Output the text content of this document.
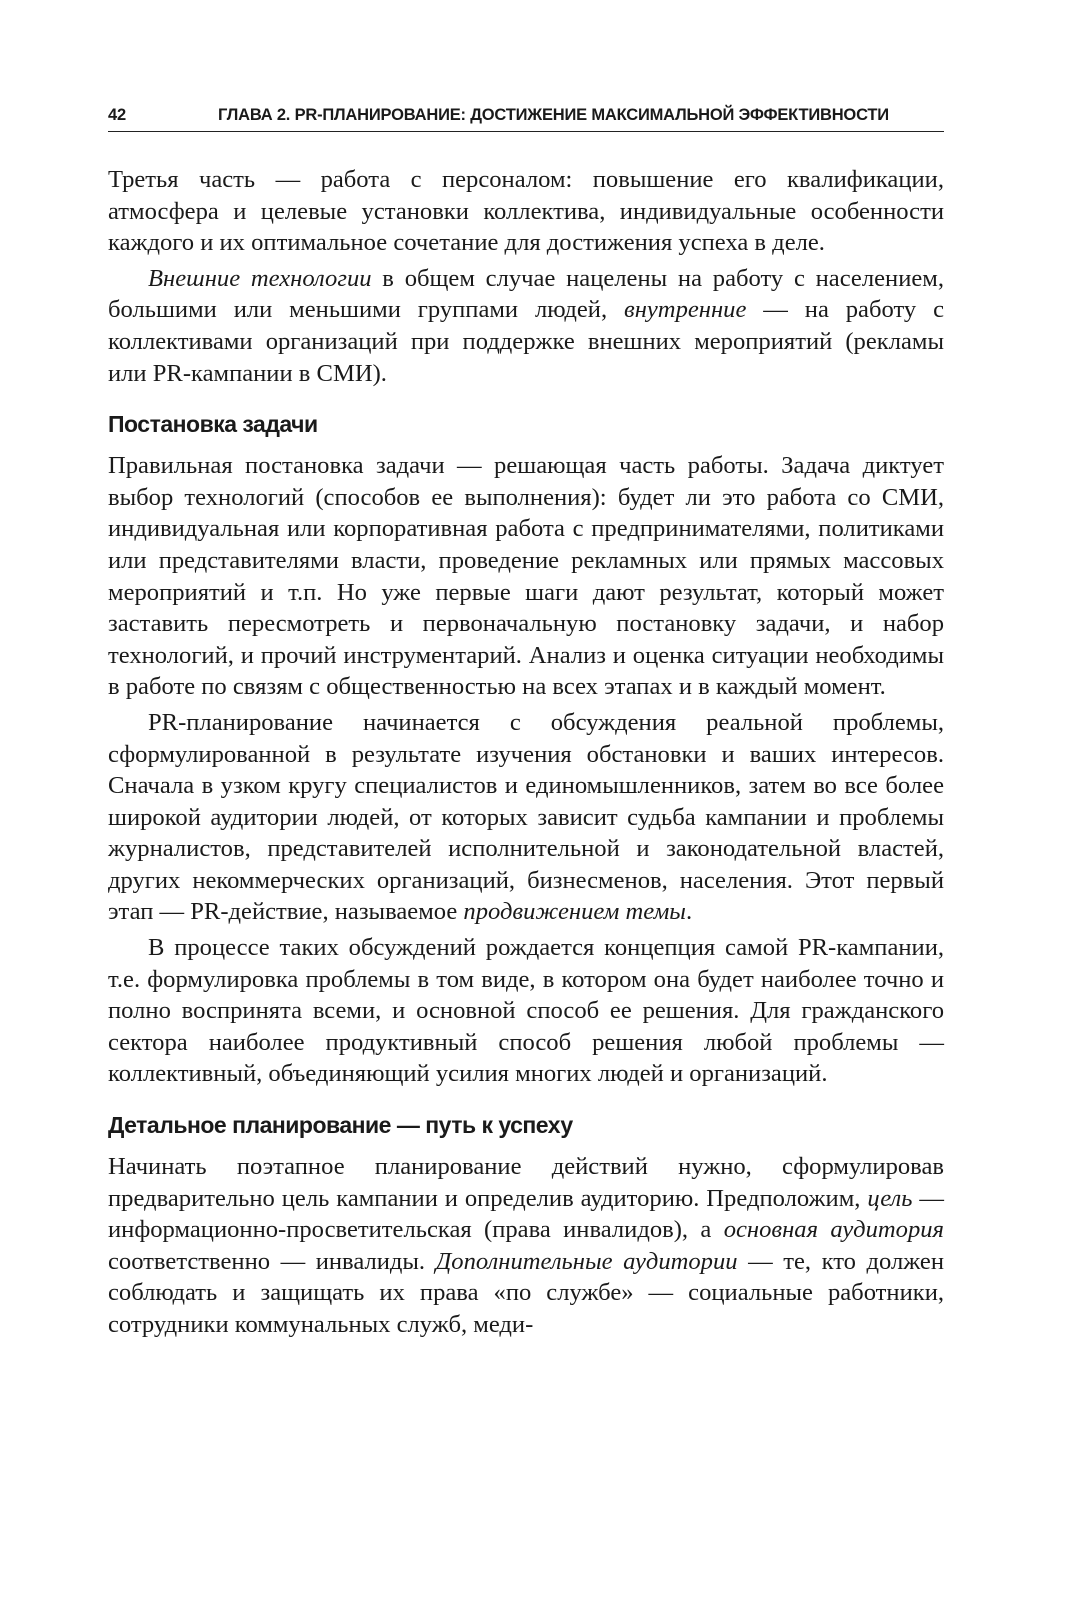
42	ГЛАВА 2. PR-ПЛАНИРОВАНИЕ: ДОСТИЖЕНИЕ МАКСИМАЛЬНОЙ ЭФФЕКТИВНОСТИ

Третья часть — работа с персоналом: повышение его квалификации, атмосфера и целевые установки коллектива, индивидуальные особенности каждого и их оптимальное сочетание для достижения успеха в деле.

Внешние технологии в общем случае нацелены на работу с населением, большими или меньшими группами людей, внутренние — на работу с коллективами организаций при поддержке внешних мероприятий (рекламы или PR-кампании в СМИ).

Постановка задачи

Правильная постановка задачи — решающая часть работы. Задача диктует выбор технологий (способов ее выполнения): будет ли это работа со СМИ, индивидуальная или корпоративная работа с предпринимателями, политиками или представителями власти, проведение рекламных или прямых массовых мероприятий и т.п. Но уже первые шаги дают результат, который может заставить пересмотреть и первоначальную постановку задачи, и набор технологий, и прочий инструментарий. Анализ и оценка ситуации необходимы в работе по связям с общественностью на всех этапах и в каждый момент.

PR-планирование начинается с обсуждения реальной проблемы, сформулированной в результате изучения обстановки и ваших интересов. Сначала в узком кругу специалистов и единомышленников, затем во все более широкой аудитории людей, от которых зависит судьба кампании и проблемы журналистов, представителей исполнительной и законодательной властей, других некоммерческих организаций, бизнесменов, населения. Этот первый этап — PR-действие, называемое продвижением темы.

В процессе таких обсуждений рождается концепция самой PR-кампании, т.е. формулировка проблемы в том виде, в котором она будет наиболее точно и полно воспринята всеми, и основной способ ее решения. Для гражданского сектора наиболее продуктивный способ решения любой проблемы — коллективный, объединяющий усилия многих людей и организаций.

Детальное планирование — путь к успеху

Начинать поэтапное планирование действий нужно, сформулировав предварительно цель кампании и определив аудиторию. Предположим, цель — информационно-просветительская (права инвалидов), а основная аудитория соответственно — инвалиды. Дополнительные аудитории — те, кто должен соблюдать и защищать их права «по службе» — социальные работники, сотрудники коммунальных служб, меди-
